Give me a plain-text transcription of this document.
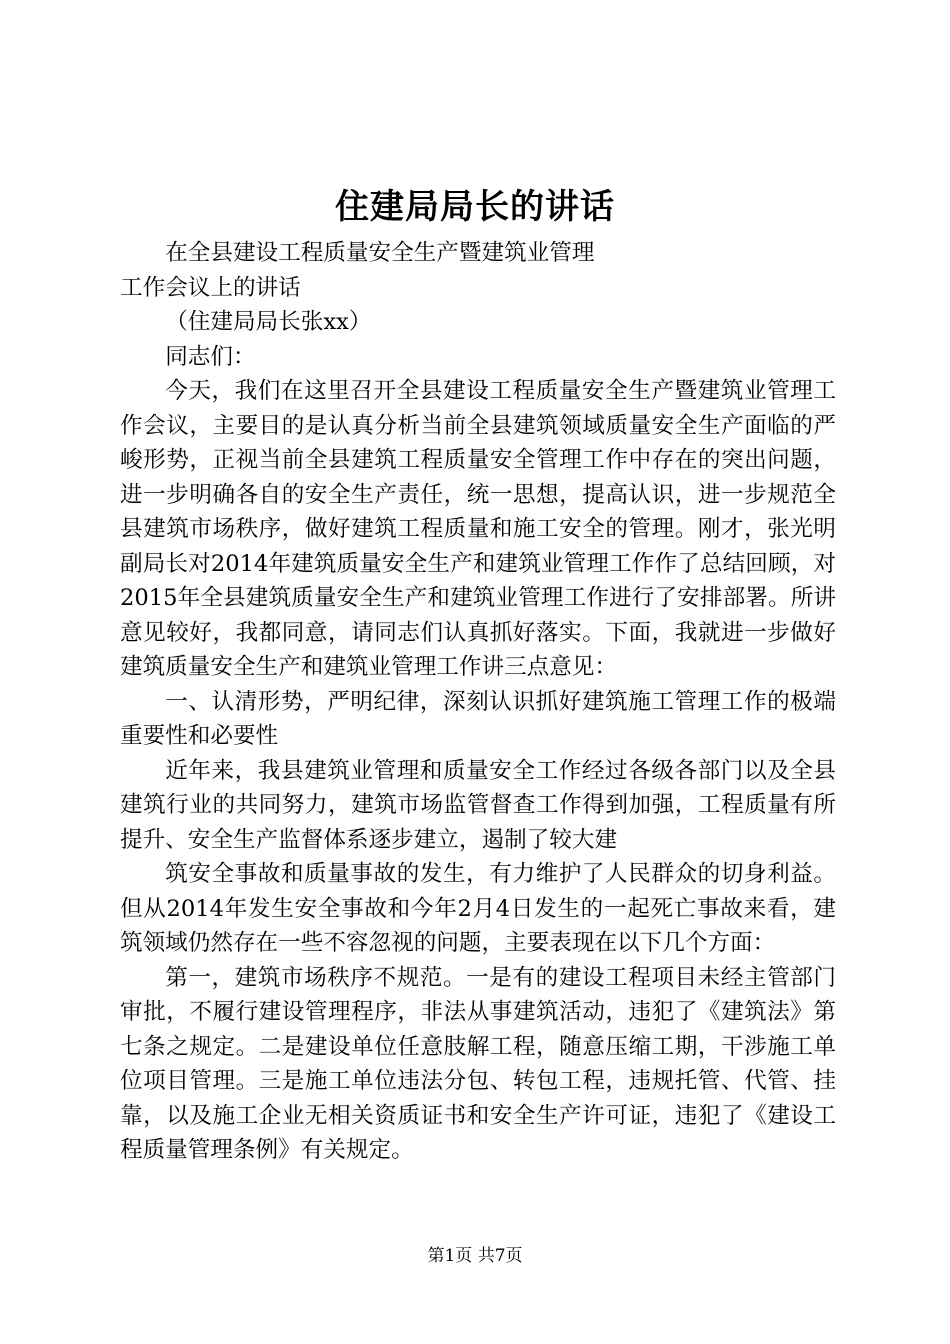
住建局局长的讲话

在全县建设工程质量安全生产暨建筑业管理
工作会议上的讲话

（住建局局长张xx）

同志们：

今天，我们在这里召开全县建设工程质量安全生产暨建筑业管理工作会议，主要目的是认真分析当前全县建筑领域质量安全生产面临的严峻形势，正视当前全县建筑工程质量安全管理工作中存在的突出问题，进一步明确各自的安全生产责任，统一思想，提高认识，进一步规范全县建筑市场秩序，做好建筑工程质量和施工安全的管理。刚才，张光明副局长对2014年建筑质量安全生产和建筑业管理工作作了总结回顾，对2015年全县建筑质量安全生产和建筑业管理工作进行了安排部署。所讲意见较好，我都同意，请同志们认真抓好落实。下面，我就进一步做好建筑质量安全生产和建筑业管理工作讲三点意见：

一、认清形势，严明纪律，深刻认识抓好建筑施工管理工作的极端重要性和必要性

近年来，我县建筑业管理和质量安全工作经过各级各部门以及全县建筑行业的共同努力，建筑市场监管督查工作得到加强，工程质量有所提升、安全生产监督体系逐步建立，遏制了较大建

筑安全事故和质量事故的发生，有力维护了人民群众的切身利益。但从2014年发生安全事故和今年2月4日发生的一起死亡事故来看，建筑领域仍然存在一些不容忽视的问题，主要表现在以下几个方面：

第一，建筑市场秩序不规范。一是有的建设工程项目未经主管部门审批，不履行建设管理程序，非法从事建筑活动，违犯了《建筑法》第七条之规定。二是建设单位任意肢解工程，随意压缩工期，干涉施工单位项目管理。三是施工单位违法分包、转包工程，违规托管、代管、挂靠，以及施工企业无相关资质证书和安全生产许可证，违犯了《建设工程质量管理条例》有关规定。

第1页 共7页
